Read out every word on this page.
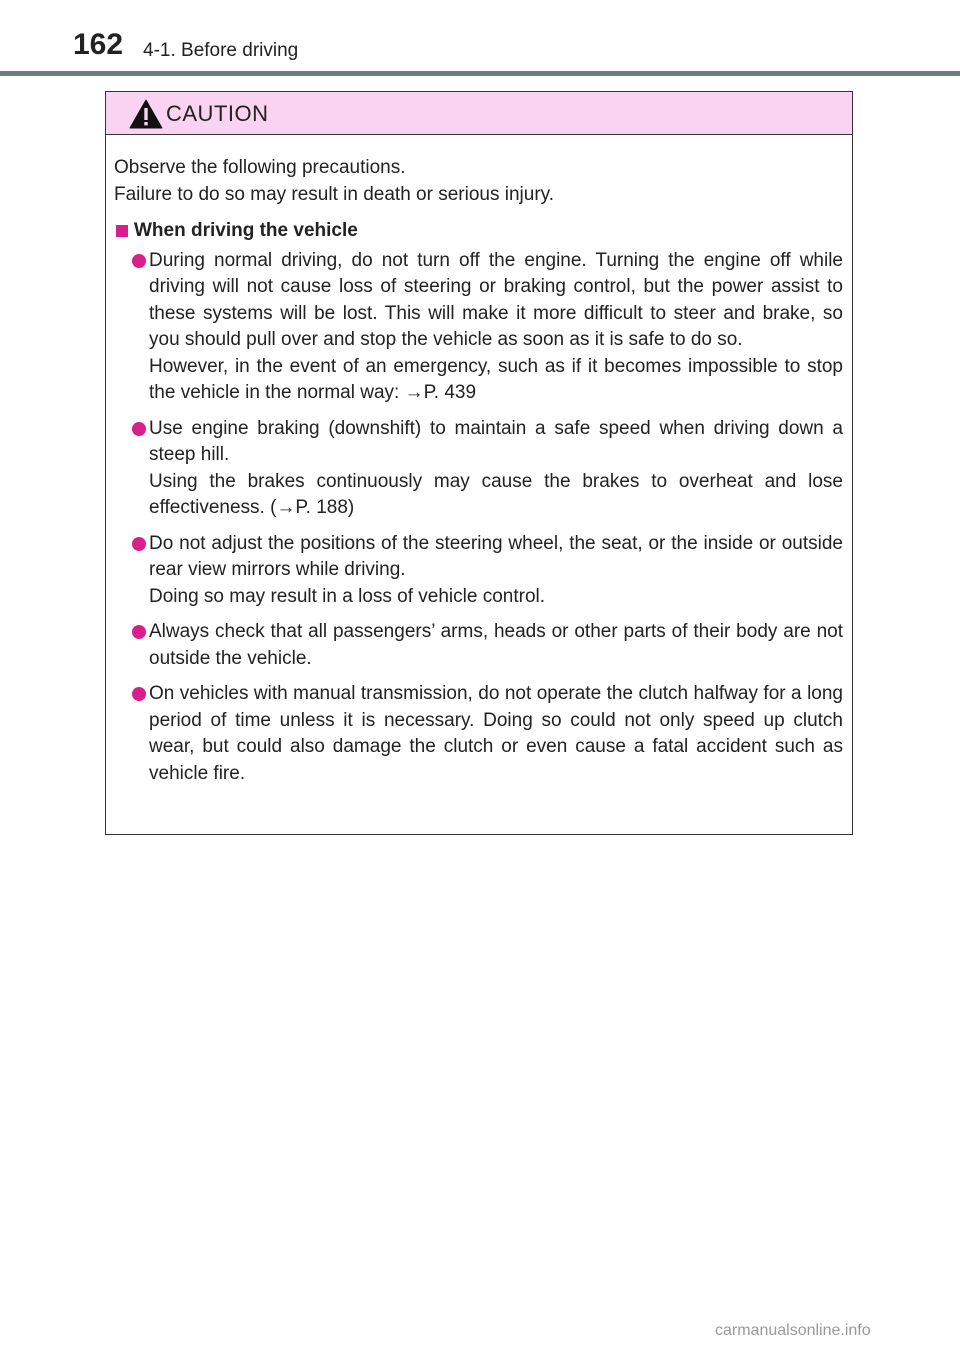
162 4-1. Before driving
CAUTION

Observe the following precautions.

Failure to do so may result in death or serious injury.

When driving the vehicle

During normal driving, do not turn off the engine. Turning the engine off while driving will not cause loss of steering or braking control, but the power assist to these systems will be lost. This will make it more difficult to steer and brake, so you should pull over and stop the vehicle as soon as it is safe to do so.

However, in the event of an emergency, such as if it becomes impossible to stop the vehicle in the normal way: →P. 439

Use engine braking (downshift) to maintain a safe speed when driving down a steep hill.

Using the brakes continuously may cause the brakes to overheat and lose effectiveness. (→P. 188)

Do not adjust the positions of the steering wheel, the seat, or the inside or outside rear view mirrors while driving.

Doing so may result in a loss of vehicle control.

Always check that all passengers’ arms, heads or other parts of their body are not outside the vehicle.

On vehicles with manual transmission, do not operate the clutch halfway for a long period of time unless it is necessary. Doing so could not only speed up clutch wear, but could also damage the clutch or even cause a fatal accident such as vehicle fire.

carmanualsonline.info
